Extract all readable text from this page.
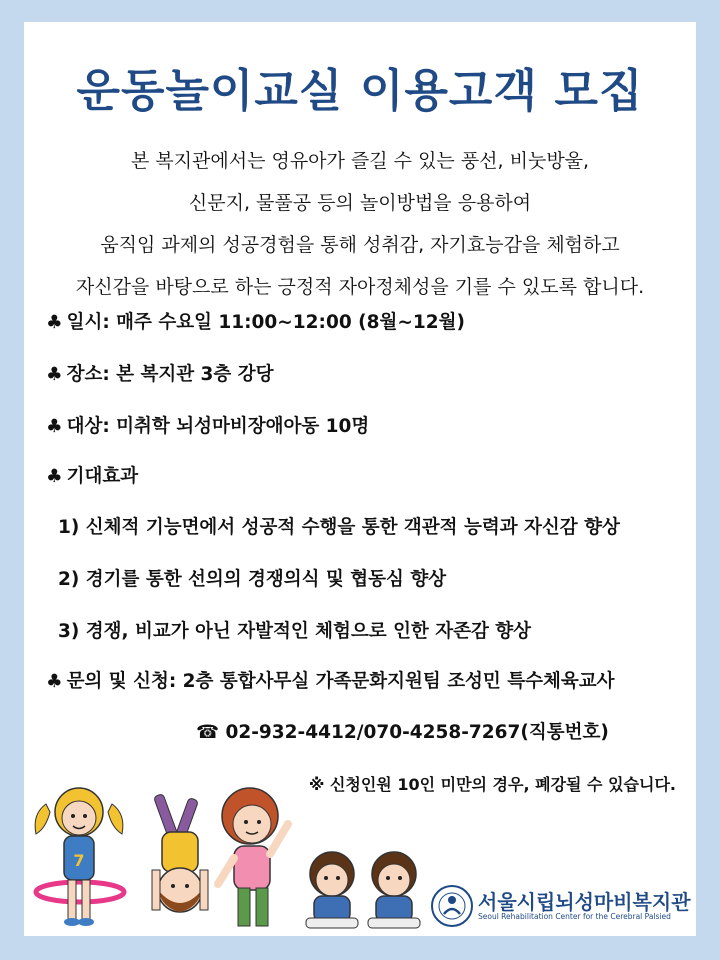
운동놀이교실 이용고객 모집
본 복지관에서는 영유아가 즐길 수 있는 풍선, 비눗방울,
신문지, 물풀공 등의 놀이방법을 응용하여
움직임 과제의 성공경험을 통해 성취감, 자기효능감을 체험하고
자신감을 바탕으로 하는 긍정적 자아정체성을 기를 수 있도록 합니다.
♣ 일시: 매주 수요일 11:00~12:00 (8월~12월)
♣ 장소: 본 복지관 3층 강당
♣ 대상: 미취학 뇌성마비장애아동 10명
♣ 기대효과
1) 신체적 기능면에서 성공적 수행을 통한 객관적 능력과 자신감 향상
2) 경기를 통한 선의의 경쟁의식 및 협동심 향상
3) 경쟁, 비교가 아닌 자발적인 체험으로 인한 자존감 향상
♣ 문의 및 신청: 2층 통합사무실 가족문화지원팀 조성민 특수체육교사
☎ 02-932-4412/070-4258-7267(직통번호)
※ 신청인원 10인 미만의 경우, 폐강될 수 있습니다.
7
서울시립뇌성마비복지관
Seoul Rehabilitation Center for the Cerebral Palsied
